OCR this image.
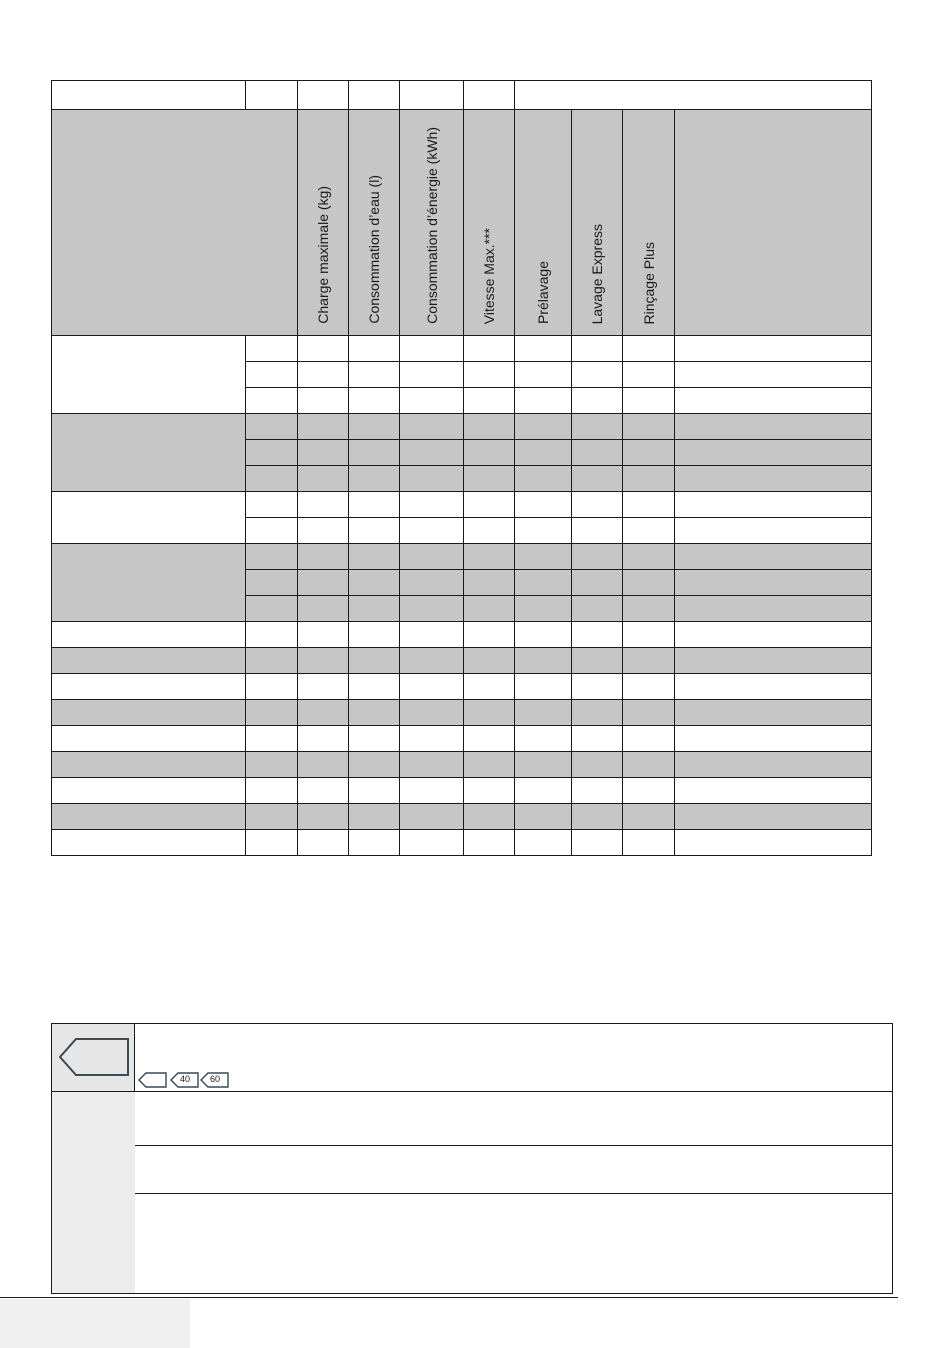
		Charge maximale (kg)	Consommation d’eau (l)	Consommation d’énergie (kWh)	Vitesse Max.***	Prélavage	Lavage Express	Rinçage Plus	

40 60
